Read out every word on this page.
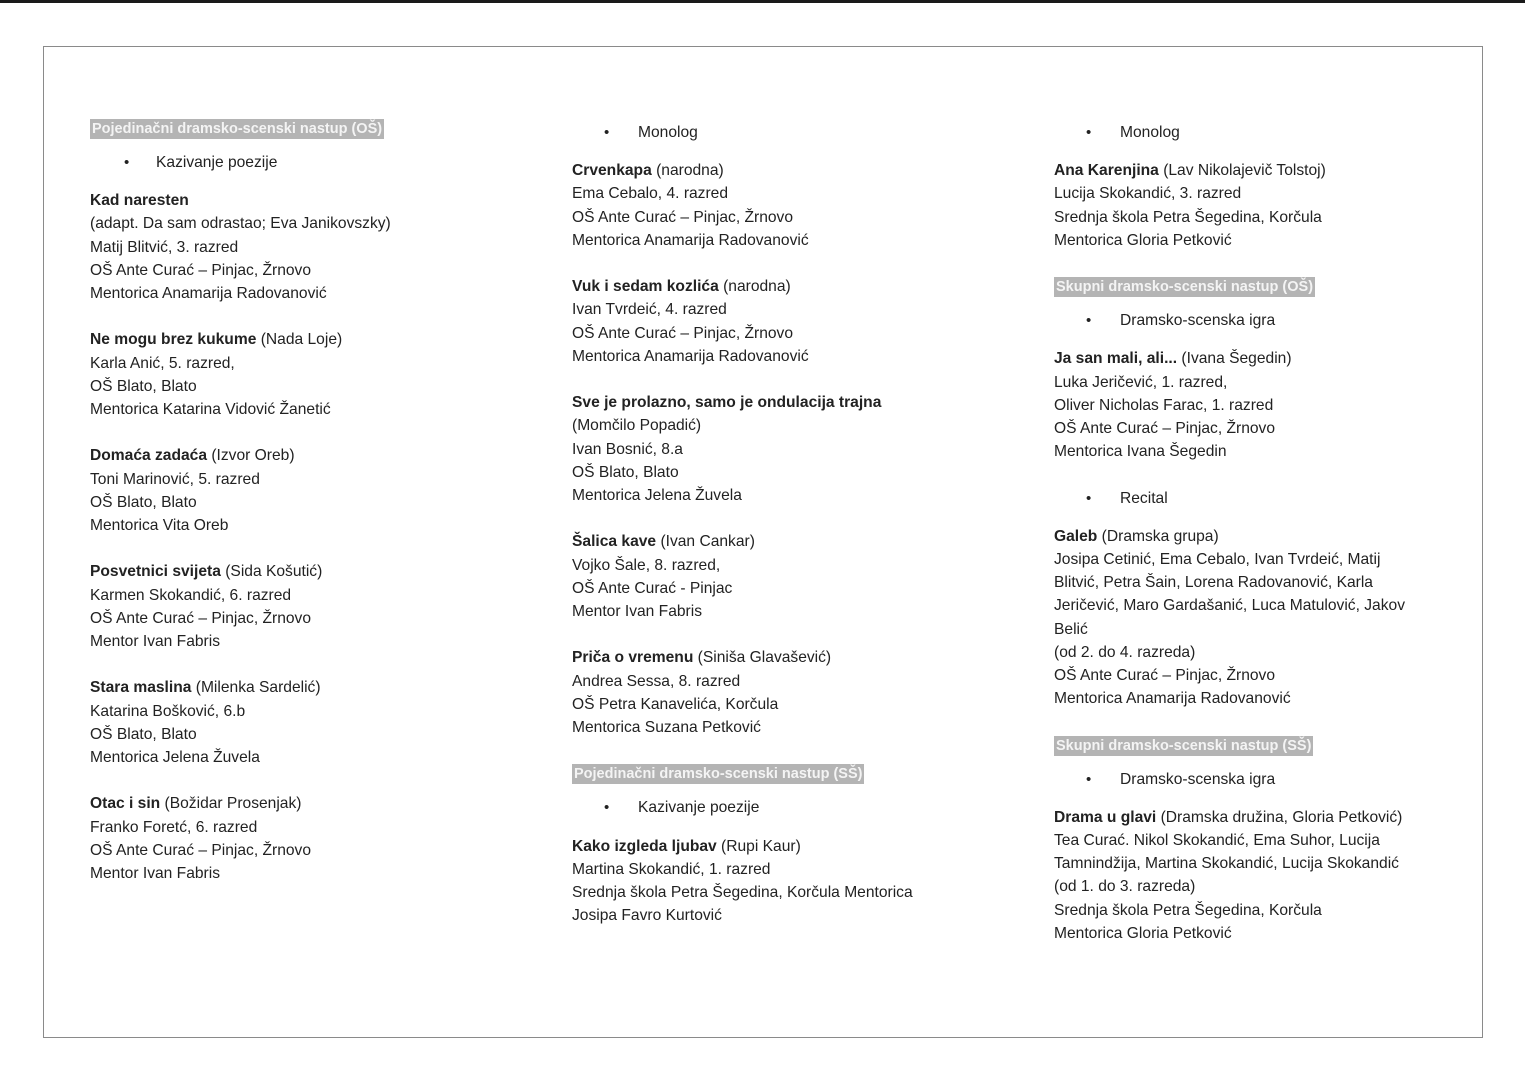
Pojedinačni dramsko-scenski nastup (OŠ)
• Kazivanje poezije
Kad naresten
(adapt. Da sam odrastao; Eva Janikovszky)
Matij Blitvić, 3. razred
OŠ Ante Curać – Pinjac, Žrnovo
Mentorica Anamarija Radovanović
Ne mogu brez kukume (Nada Loje)
Karla Anić, 5. razred,
OŠ Blato, Blato
Mentorica Katarina Vidović Žanetić
Domaća zadaća (Izvor Oreb)
Toni Marinović, 5. razred
OŠ Blato, Blato
Mentorica Vita Oreb
Posvetnici svijeta (Sida Košutić)
Karmen Skokandić, 6. razred
OŠ Ante Curać – Pinjac, Žrnovo
Mentor Ivan Fabris
Stara maslina (Milenka Sardelić)
Katarina Bošković, 6.b
OŠ Blato, Blato
Mentorica Jelena Žuvela
Otac i sin (Božidar Prosenjak)
Franko Foretć, 6. razred
OŠ Ante Curać – Pinjac, Žrnovo
Mentor Ivan Fabris
• Monolog
Crvenkapa (narodna)
Ema Cebalo, 4. razred
OŠ Ante Curać – Pinjac, Žrnovo
Mentorica Anamarija Radovanović
Vuk i sedam kozlića (narodna)
Ivan Tvrdeić, 4. razred
OŠ Ante Curać – Pinjac, Žrnovo
Mentorica Anamarija Radovanović
Sve je prolazno, samo je ondulacija trajna
(Momčilo Popadić)
Ivan Bosnić, 8.a
OŠ Blato, Blato
Mentorica Jelena Žuvela
Šalica kave (Ivan Cankar)
Vojko Šale, 8. razred,
OŠ Ante Curać - Pinjac
Mentor Ivan Fabris
Priča o vremenu (Siniša Glavašević)
Andrea Sessa, 8. razred
OŠ Petra Kanavelića, Korčula
Mentorica Suzana Petković
Pojedinačni dramsko-scenski nastup (SŠ)
• Kazivanje poezije
Kako izgleda ljubav (Rupi Kaur)
Martina Skokandić, 1. razred
Srednja škola Petra Šegedina, Korčula Mentorica
Josipa Favro Kurtović
• Monolog
Ana Karenjina (Lav Nikolajevič Tolstoj)
Lucija Skokandić, 3. razred
Srednja škola Petra Šegedina, Korčula
Mentorica Gloria Petković
Skupni dramsko-scenski nastup (OŠ)
• Dramsko-scenska igra
Ja san mali, ali... (Ivana Šegedin)
Luka Jeričević, 1. razred,
Oliver Nicholas Farac, 1. razred
OŠ Ante Curać – Pinjac, Žrnovo
Mentorica Ivana Šegedin
• Recital
Galeb (Dramska grupa)
Josipa Cetinić, Ema Cebalo, Ivan Tvrdeić, Matij
Blitvić, Petra Šain, Lorena Radovanović, Karla
Jeričević, Maro Gardašanić, Luca Matulović, Jakov
Belić
(od 2. do 4. razreda)
OŠ Ante Curać – Pinjac, Žrnovo
Mentorica Anamarija Radovanović
Skupni dramsko-scenski nastup (SŠ)
• Dramsko-scenska igra
Drama u glavi (Dramska družina, Gloria Petković)
Tea Curać. Nikol Skokandić, Ema Suhor, Lucija
Tamnindžija, Martina Skokandić, Lucija Skokandić
(od 1. do 3. razreda)
Srednja škola Petra Šegedina, Korčula
Mentorica Gloria Petković
